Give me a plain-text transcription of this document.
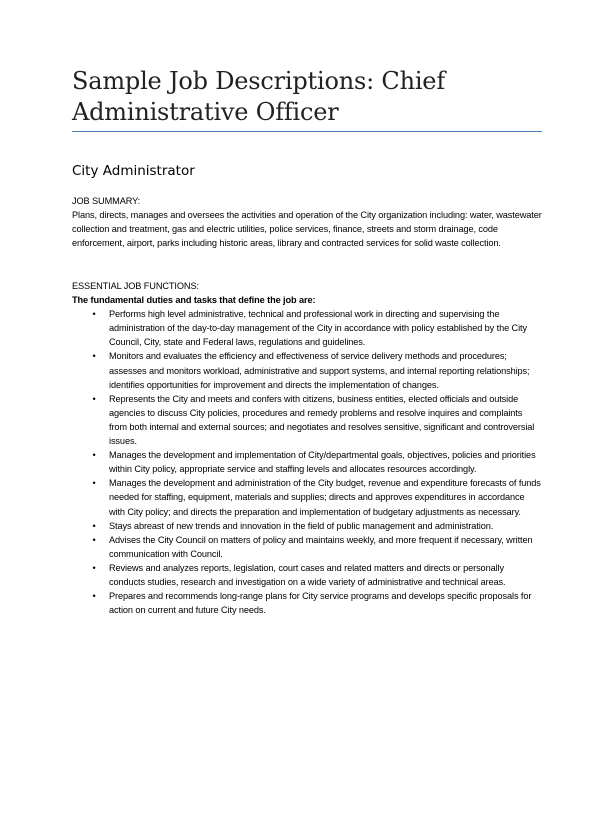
Sample Job Descriptions: Chief Administrative Officer
City Administrator
JOB SUMMARY:
Plans, directs, manages and oversees the activities and operation of the City organization including: water, wastewater collection and treatment, gas and electric utilities, police services, finance, streets and storm drainage, code enforcement, airport, parks including historic areas, library and contracted services for solid waste collection.
ESSENTIAL JOB FUNCTIONS:
The fundamental duties and tasks that define the job are:
• Performs high level administrative, technical and professional work in directing and supervising the administration of the day-to-day management of the City in accordance with policy established by the City Council, City, state and Federal laws, regulations and guidelines.
• Monitors and evaluates the efficiency and effectiveness of service delivery methods and procedures; assesses and monitors workload, administrative and support systems, and internal reporting relationships; identifies opportunities for improvement and directs the implementation of changes.
• Represents the City and meets and confers with citizens, business entities, elected officials and outside agencies to discuss City policies, procedures and remedy problems and resolve inquires and complaints from both internal and external sources; and negotiates and resolves sensitive, significant and controversial issues.
• Manages the development and implementation of City/departmental goals, objectives, policies and priorities within City policy, appropriate service and staffing levels and allocates resources accordingly.
• Manages the development and administration of the City budget, revenue and expenditure forecasts of funds needed for staffing, equipment, materials and supplies; directs and approves expenditures in accordance with City policy; and directs the preparation and implementation of budgetary adjustments as necessary.
• Stays abreast of new trends and innovation in the field of public management and administration.
• Advises the City Council on matters of policy and maintains weekly, and more frequent if necessary, written communication with Council.
• Reviews and analyzes reports, legislation, court cases and related matters and directs or personally conducts studies, research and investigation on a wide variety of administrative and technical areas.
• Prepares and recommends long-range plans for City service programs and develops specific proposals for action on current and future City needs.
